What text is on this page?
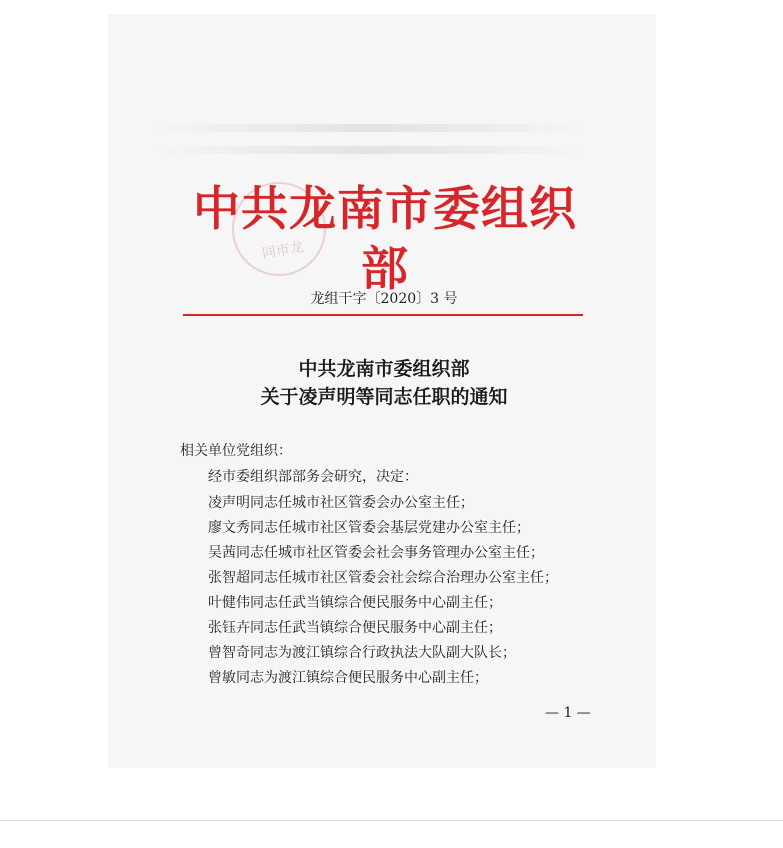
同市龙
中共龙南市委组织部
龙组干字〔2020〕3 号
中共龙南市委组织部
关于凌声明等同志任职的通知
相关单位党组织：
经市委组织部部务会研究，决定：
凌声明同志任城市社区管委会办公室主任；
廖文秀同志任城市社区管委会基层党建办公室主任；
吴茜同志任城市社区管委会社会事务管理办公室主任；
张智超同志任城市社区管委会社会综合治理办公室主任；
叶健伟同志任武当镇综合便民服务中心副主任；
张钰卉同志任武当镇综合便民服务中心副主任；
曾智奇同志为渡江镇综合行政执法大队副大队长；
曾敏同志为渡江镇综合便民服务中心副主任；
— 1 —
